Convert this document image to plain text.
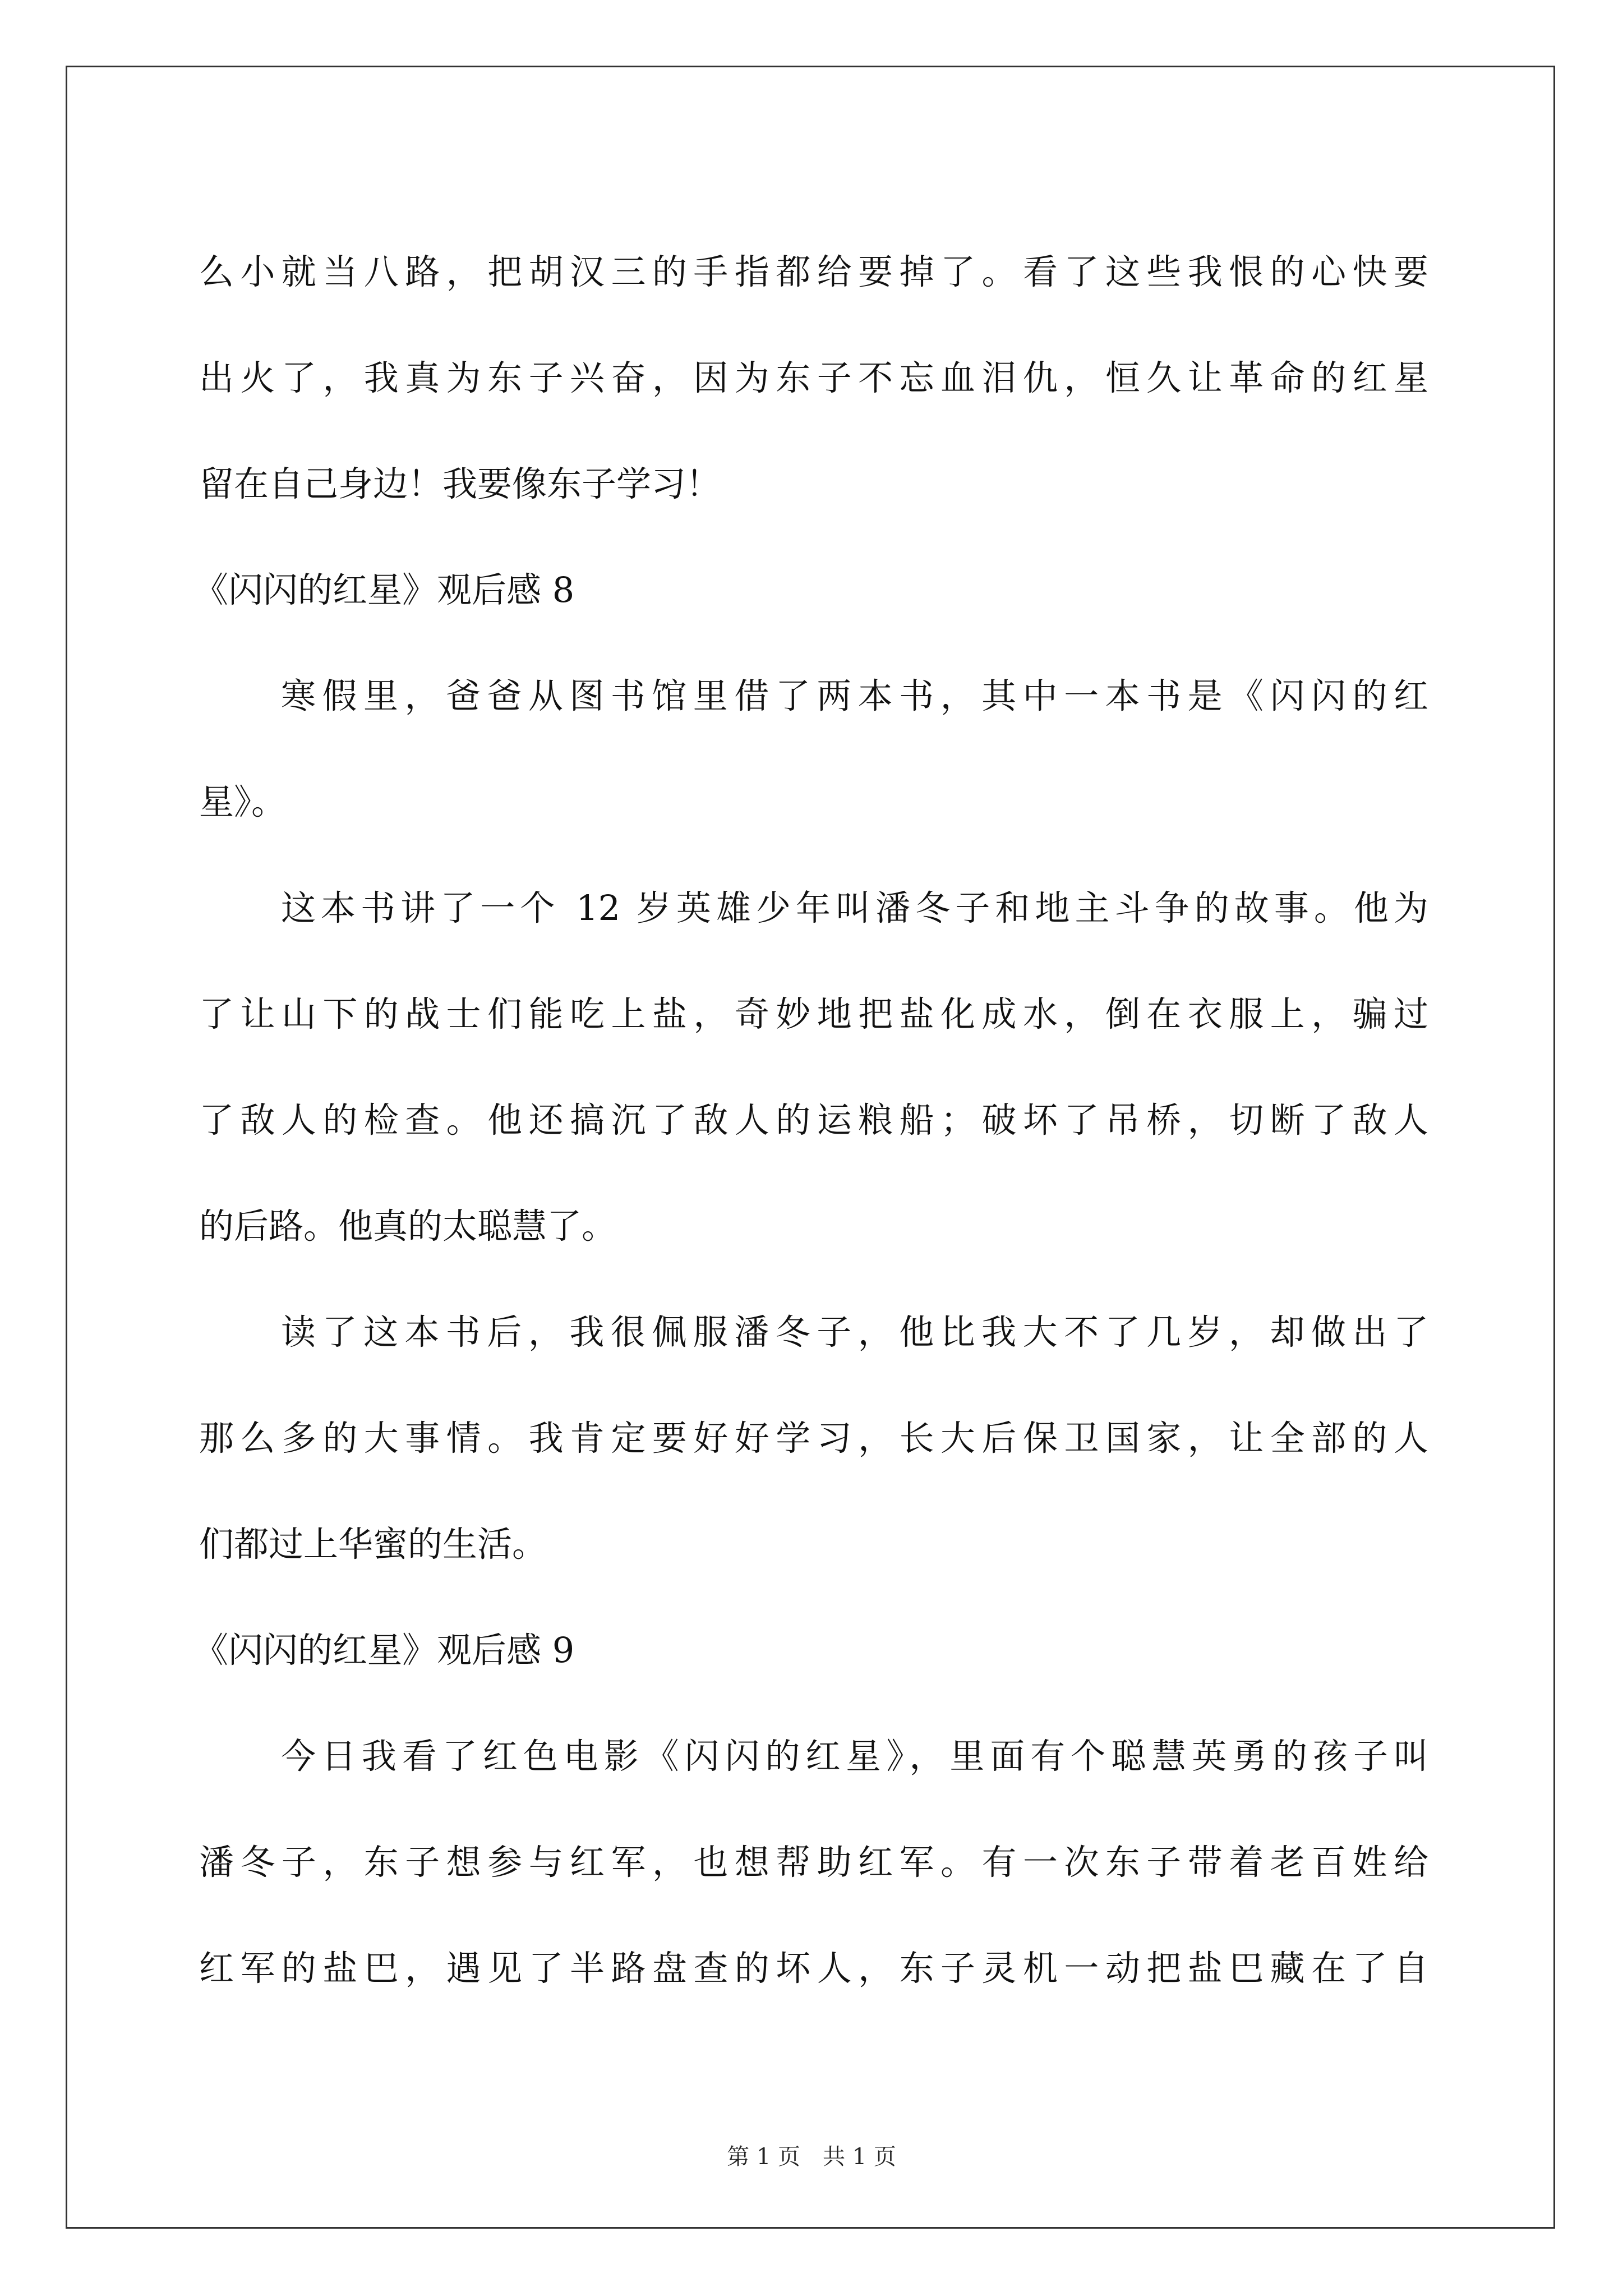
么小就当八路，把胡汉三的手指都给要掉了。看了这些我恨的心快要
出火了，我真为东子兴奋，因为东子不忘血泪仇，恒久让革命的红星
留在自己身边！我要像东子学习！
《闪闪的红星》观后感 8
寒假里，爸爸从图书馆里借了两本书，其中一本书是《闪闪的红
星》。
这本书讲了一个 12 岁英雄少年叫潘冬子和地主斗争的故事。他为
了让山下的战士们能吃上盐，奇妙地把盐化成水，倒在衣服上，骗过
了敌人的检查。他还搞沉了敌人的运粮船；破坏了吊桥，切断了敌人
的后路。他真的太聪慧了。
读了这本书后，我很佩服潘冬子，他比我大不了几岁，却做出了
那么多的大事情。我肯定要好好学习，长大后保卫国家，让全部的人
们都过上华蜜的生活。
《闪闪的红星》观后感 9
今日我看了红色电影《闪闪的红星》，里面有个聪慧英勇的孩子叫
潘冬子，东子想参与红军，也想帮助红军。有一次东子带着老百姓给
红军的盐巴，遇见了半路盘查的坏人，东子灵机一动把盐巴藏在了自
第 1 页　共 1 页
